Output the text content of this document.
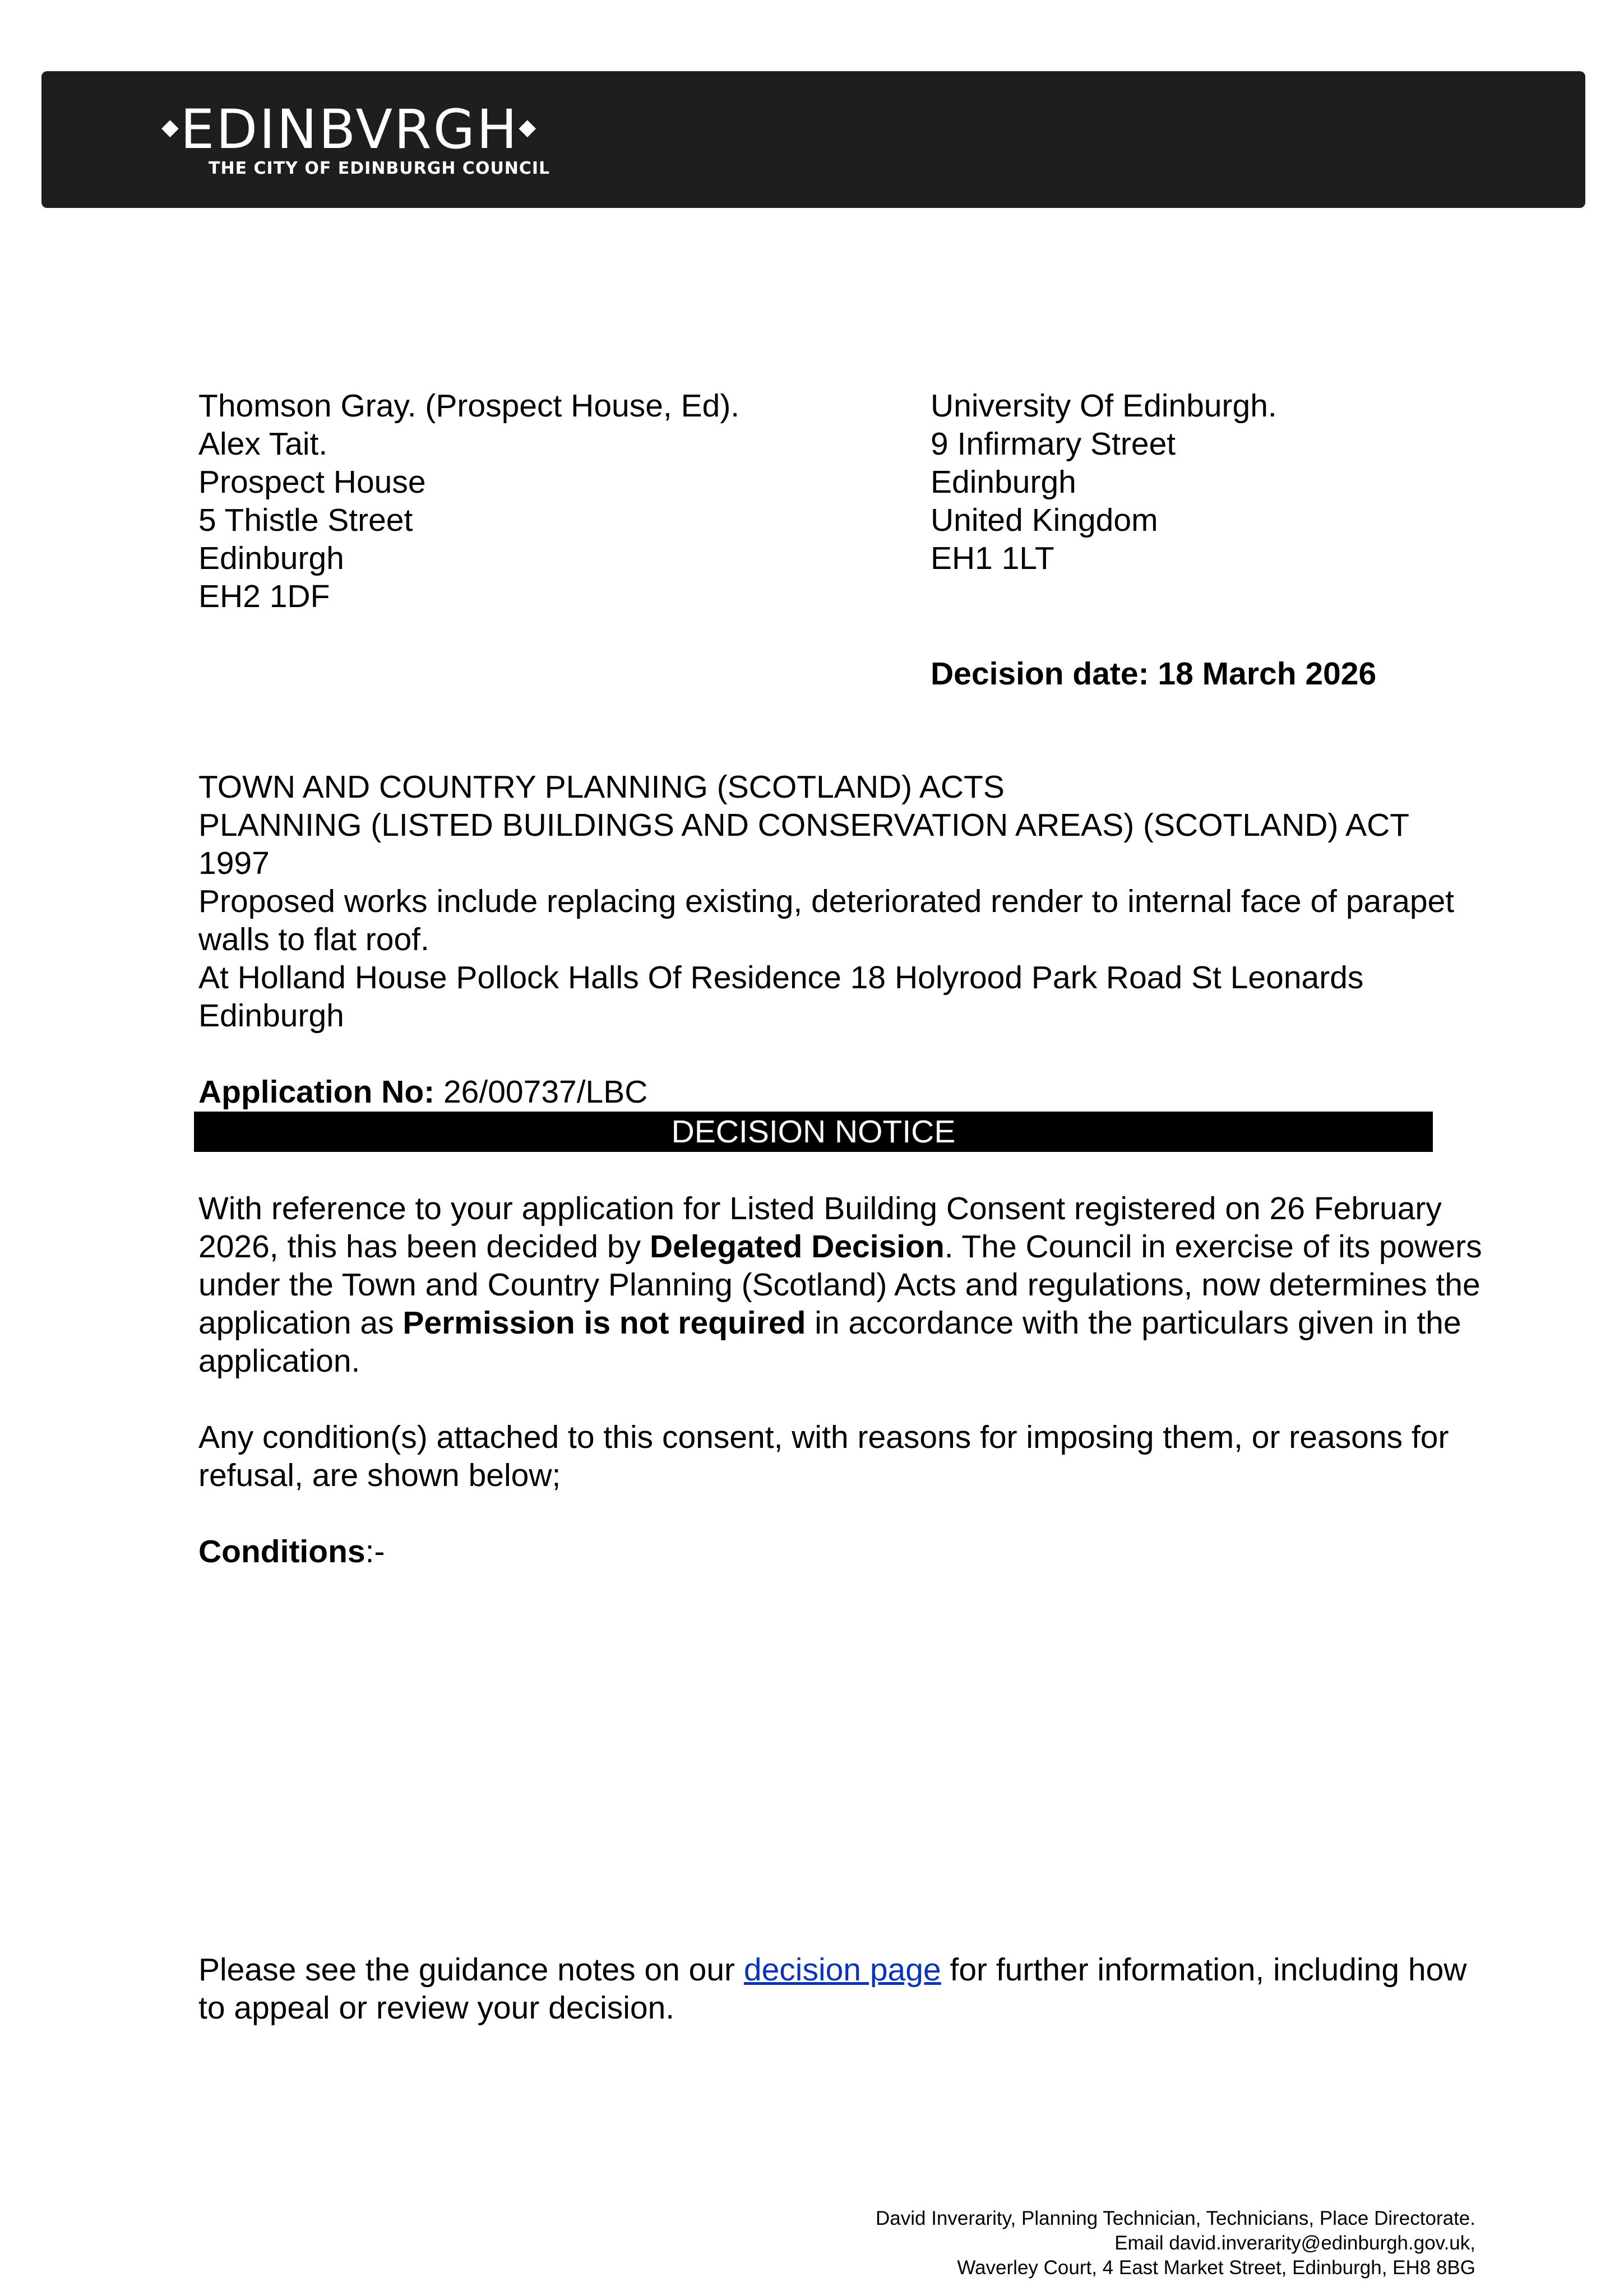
◆EDINBVRGH◆
THE CITY OF EDINBURGH COUNCIL
Thomson Gray. (Prospect House, Ed).
Alex Tait.
Prospect House
5 Thistle Street
Edinburgh
EH2 1DF
University Of Edinburgh.
9 Infirmary Street
Edinburgh
United Kingdom
EH1 1LT
Decision date: 18 March 2026

TOWN AND COUNTRY PLANNING (SCOTLAND) ACTS

PLANNING (LISTED BUILDINGS AND CONSERVATION AREAS) (SCOTLAND) ACT 1997

Proposed works include replacing existing, deteriorated render to internal face of parapet walls to flat roof.

At Holland House Pollock Halls Of Residence 18 Holyrood Park Road St Leonards Edinburgh

Application No: 26/00737/LBC

DECISION NOTICE

With reference to your application for Listed Building Consent registered on 26 February 2026, this has been decided by Delegated Decision. The Council in exercise of its powers under the Town and Country Planning (Scotland) Acts and regulations, now determines the application as Permission is not required in accordance with the particulars given in the application.

Any condition(s) attached to this consent, with reasons for imposing them, or reasons for refusal, are shown below;

Conditions:-

Please see the guidance notes on our decision page for further information, including how to appeal or review your decision.

David Inverarity, Planning Technician, Technicians, Place Directorate.
Email david.inverarity@edinburgh.gov.uk,
Waverley Court, 4 East Market Street, Edinburgh, EH8 8BG
